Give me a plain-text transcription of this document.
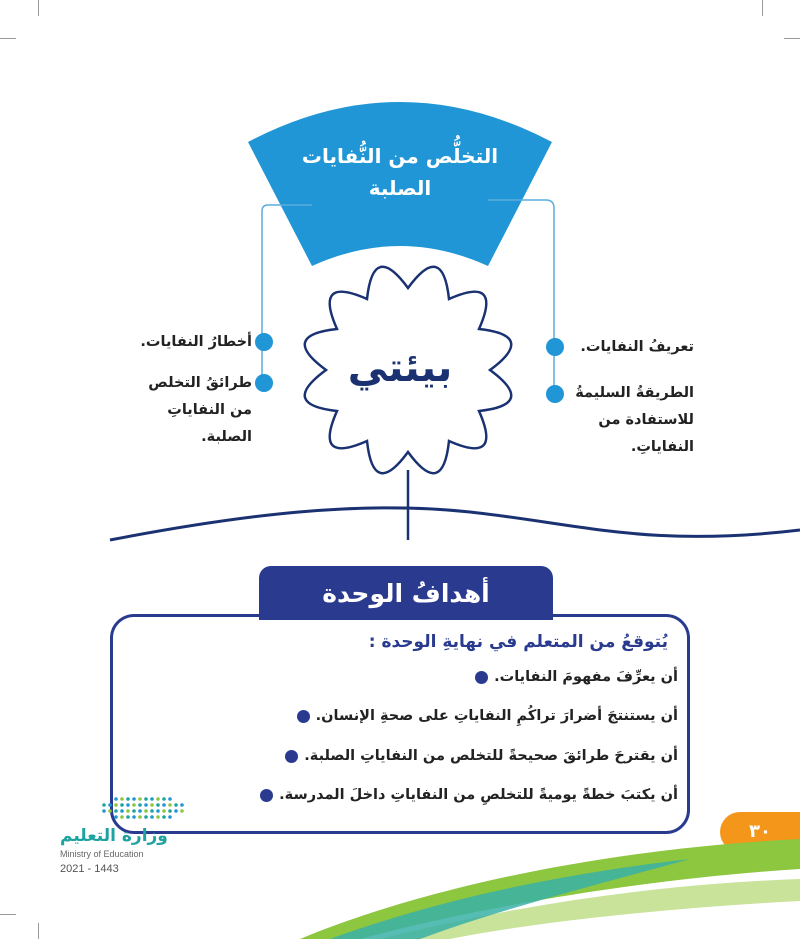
التخلُّص من النُّفايات
الصلبة
بيئتي	تعريفُ النفايات.
الطريقةُ السليمةُ
للاستفادة من
النفاياتِ.
أخطارُ النفايات.
طرائقُ التخلص
من النفاياتِ
الصلبة.
أهدافُ الوحدة
يُتوقعُ من المتعلم في نهايةِ الوحدة :
أن يعرِّفَ مفهومَ النفايات.
أن يستنتجَ أضرارَ تراكُمِ النفاياتِ على صحةِ الإنسان.
أن يقترحَ طرائقَ صحيحةً للتخلص من النفاياتِ الصلبة.
أن يكتبَ خطةً يوميةً للتخلصِ من النفاياتِ داخلَ المدرسة.
٣٠
وزارة التعليم
Ministry of Education
2021 - 1443
